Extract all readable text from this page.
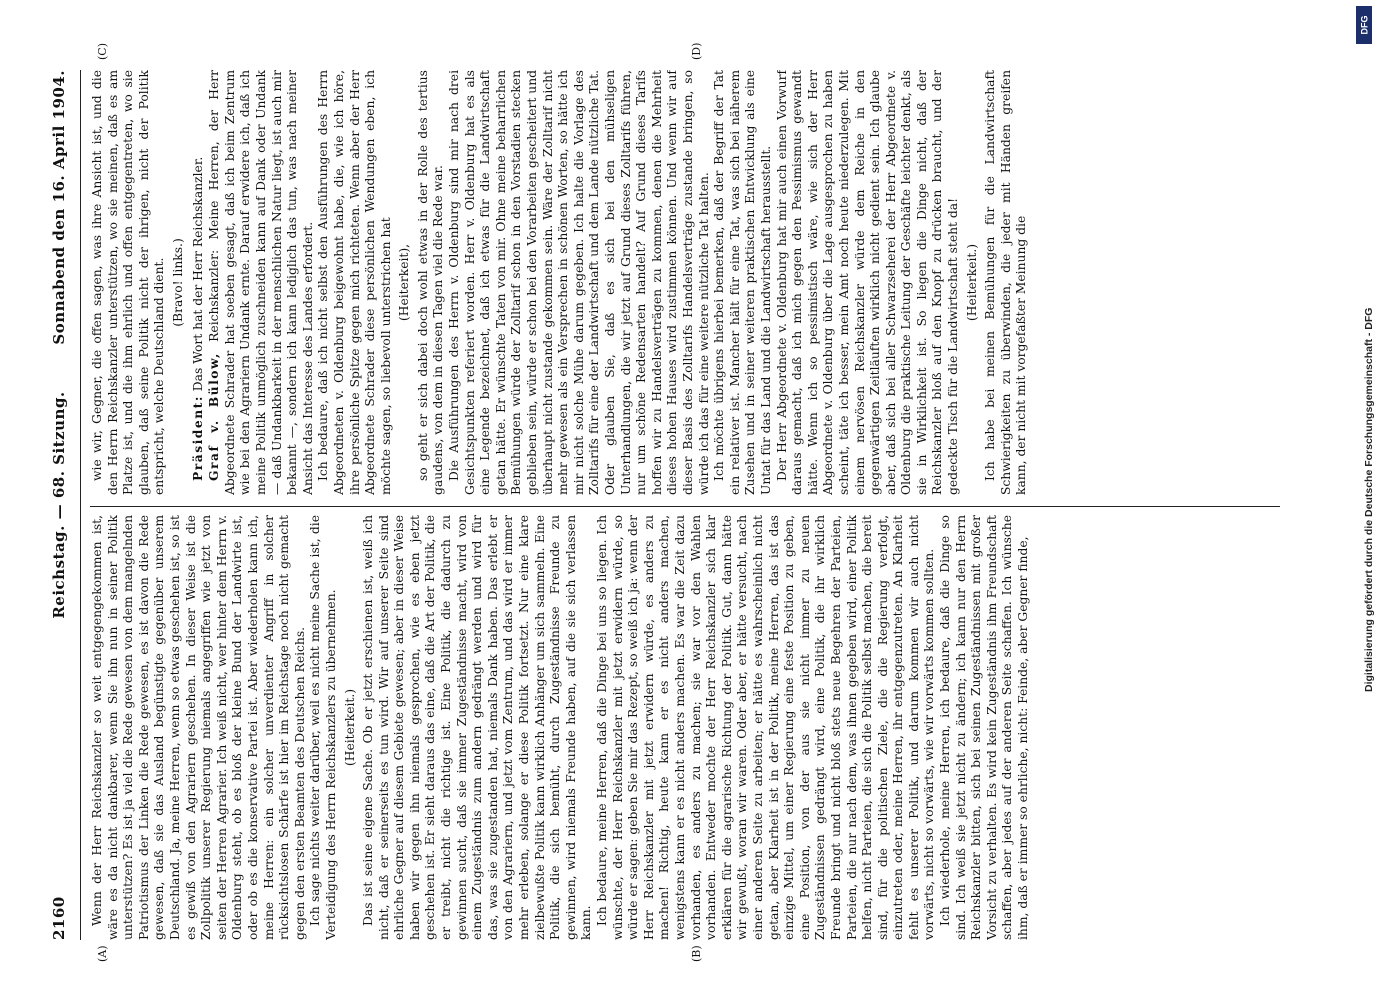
2160
Reichstag. — 68. Sitzung.
Sonnabend den 16. April 1904.
(A)	(B)
(C)	(D)

Wenn der Herr Reichskanzler so weit entgegengekommen ist, wäre es da nicht dankbarer, wenn Sie ihn nun in seiner Politik unterstützen? Es ist ja viel die Rede gewesen von dem mangelnden Patriotismus der Linken die Rede gewesen, es ist davon die Rede gewesen, daß sie das Ausland begünstigte gegenüber unserem Deutschland. Ja, meine Herren, wenn so etwas geschehen ist, so ist es gewiß von den Agrariern geschehen. In dieser Weise ist die Zollpolitik unserer Regierung niemals angegriffen wie jetzt von seiten der Herren Agrarier. Ich weiß nicht, wer hinter dem Herrn v. Oldenburg steht, ob es bloß der kleine Bund der Landwirte ist, oder ob es die konservative Partei ist. Aber wiederholen kann ich, meine Herren: ein solcher unverdienter Angriff in solcher rücksichtslosen Schärfe ist hier im Reichstage noch nicht gemacht gegen den ersten Beamten des Deutschen Reichs. Ich sage nichts weiter darüber, weil es nicht meine Sache ist, die Verteidigung des Herrn Reichskanzlers zu übernehmen. (Heiterkeit.) Das ist seine eigene Sache. Ob er jetzt erschienen ist, weiß ich nicht, daß er seinerseits es tun wird. Wir auf unserer Seite sind ehrliche Gegner auf diesem Gebiete gewesen; aber in dieser Weise haben wir gegen ihn niemals gesprochen, wie es eben jetzt geschehen ist. Er sieht daraus das eine, daß die Art der Politik, die er treibt, nicht die richtige ist. Eine Politik, die dadurch zu gewinnen sucht, daß sie immer Zugeständnisse macht, wird von einem Zugeständnis zum andern gedrängt werden und wird für das, was sie zugestanden hat, niemals Dank haben. Das erlebt er von den Agrariern, und jetzt vom Zentrum, und das wird er immer mehr erleben, solange er diese Politik fortsetzt. Nur eine klare zielbewußte Politik kann wirklich Anhänger um sich sammeln. Eine Politik, die sich bemüht, durch Zugeständnisse Freunde zu gewinnen, wird niemals Freunde haben, auf die sie sich verlassen kann. Ich bedaure, meine Herren, daß die Dinge bei uns so liegen. Ich wünschte, der Herr Reichskanzler mit jetzt erwidern würde, so würde er sagen: geben Sie mir das Rezept, so weiß ich ja: wenn der Herr Reichskanzler mit jetzt erwidern würde, es anders zu machen! Richtig, heute kann er es nicht anders machen, wenigstens kann er es nicht anders machen. Es war die Zeit dazu vorhanden, es anders zu machen; sie war vor den Wahlen vorhanden. Entweder mochte der Herr Reichskanzler sich klar erklären für die agrarische Richtung der Politik. Gut, dann hätte wir gewußt, woran wir waren. Oder aber, er hätte versucht, nach einer anderen Seite zu arbeiten; er hätte es wahrscheinlich nicht getan, aber Klarheit ist in der Politik, meine Herren, das ist das einzige Mittel, um einer Regierung eine feste Position zu geben, eine Position, von der aus sie nicht immer zu neuen Zugeständnissen gedrängt wird, eine Politik, die ihr wirklich Freunde bringt und nicht bloß stets neue Begehren der Parteien, Parteien, die nur nach dem, was ihnen gegeben wird, einer Politik helfen, nicht Parteien, die sich die Politik selbst machen, die bereit sind, für die politischen Ziele, die die Regierung verfolgt, einzutreten oder, meine Herren, ihr entgegenzutreten. An Klarheit fehlt es unserer Politik, und darum kommen wir auch nicht vorwärts, nicht so vorwärts, wie wir vorwärts kommen sollten. Ich wiederhole, meine Herren, ich bedaure, daß die Dinge so sind. Ich weiß sie jetzt nicht zu ändern; ich kann nur den Herrn Reichskanzler bitten, sich bei seinen Zugeständnissen mit großer Vorsicht zu verhalten. Es wird kein Zugeständnis ihm Freundschaft schaffen, aber jedes auf der anderen Seite schaffen. Ich wünsche ihm, daß er immer so ehrliche, nicht: Feinde, aber Gegner finde,

wie wir, Gegner, die offen sagen, was ihre Ansicht ist, und die den Herrn Reichskanzler unterstützen, wo sie meinen, daß es am Platze ist, und die ihm ehrlich und offen entgegentreten, wo sie glauben, daß seine Politik nicht der ihrigen, nicht der Politik entspricht, welche Deutschland dient. (Bravo! links.)

Präsident: Das Wort hat der Herr Reichskanzler.

Graf v. Bülow, Reichskanzler: Meine Herren, der Herr Abgeordnete Schrader hat soeben gesagt, daß ich beim Zentrum wie bei den Agrariern Undank ernte. Darauf erwidere ich, daß ich meine Politik unmöglich zuschneiden kann auf Dank oder Undank — daß Undankbarkeit in der menschlichen Natur liegt, ist auch mir bekannt —, sondern ich kann lediglich das tun, was nach meiner Ansicht das Interesse des Landes erfordert. Ich bedaure, daß ich nicht selbst den Ausführungen des Herrn Abgeordneten v. Oldenburg beigewohnt habe, die, wie ich höre, ihre persönliche Spitze gegen mich richteten. Wenn aber der Herr Abgeordnete Schrader diese persönlichen Wendungen eben, ich möchte sagen, so liebevoll unterstrichen hat (Heiterkeit), so geht er sich dabei doch wohl etwas in der Rolle des tertius gaudens, von dem in diesen Tagen viel die Rede war. Die Ausführungen des Herrn v. Oldenburg sind mir nach drei Gesichtspunkten referiert worden. Herr v. Oldenburg hat es als eine Legende bezeichnet, daß ich etwas für die Landwirtschaft getan hätte. Er wünschte Taten von mir. Ohne meine beharrlichen Bemühungen würde der Zolltarif schon in den Vorstadien stecken geblieben sein, würde er schon bei den Vorarbeiten gescheitert und überhaupt nicht zustande gekommen sein. Wäre der Zolltarif nicht mehr gewesen als ein Versprechen in schönen Worten, so hätte ich mir nicht solche Mühe darum gegeben. Ich halte die Vorlage des Zolltarifs für eine der Landwirtschaft und dem Lande nützliche Tat. Oder glauben Sie, daß es sich bei den mühseligen Unterhandlungen, die wir jetzt auf Grund dieses Zolltarifs führen, nur um schöne Redensarten handelt? Auf Grund dieses Tarifs hoffen wir zu Handelsverträgen zu kommen, denen die Mehrheit dieses hohen Hauses wird zustimmen können. Und wenn wir auf dieser Basis des Zolltarifs Handelsverträge zustande bringen, so würde ich das für eine weitere nützliche Tat halten. Ich möchte übrigens hierbei bemerken, daß der Begriff der Tat ein relativer ist. Mancher hält für eine Tat, was sich bei näherem Zusehen und in seiner weiteren praktischen Entwicklung als eine Untat für das Land und die Landwirtschaft herausstellt. Der Herr Abgeordnete v. Oldenburg hat mir auch einen Vorwurf daraus gemacht, daß ich mich gegen den Pessimismus gewandt hätte. Wenn ich so pessimistisch wäre, wie sich der Herr Abgeordnete v. Oldenburg über die Lage ausgesprochen zu haben scheint, täte ich besser, mein Amt noch heute niederzulegen. Mit einem nervösen Reichskanzler würde dem Reiche in den gegenwärtigen Zeitläuften wirklich nicht gedient sein. Ich glaube aber, daß sich bei aller Schwarzseherei der Herr Abgeordnete v. Oldenburg die praktische Leitung der Geschäfte leichter denkt, als sie in Wirklichkeit ist. So liegen die Dinge nicht, daß der Reichskanzler bloß auf den Knopf zu drücken braucht, und der gedeckte Tisch für die Landwirtschaft steht da! (Heiterkeit.) Ich habe bei meinen Bemühungen für die Landwirtschaft Schwierigkeiten zu überwinden, die jeder mit Händen greifen kann, der nicht mit vorgefaßter Meinung die

DFG
Digitalisierung gefördert durch die Deutsche Forschungsgemeinschaft - DFG
